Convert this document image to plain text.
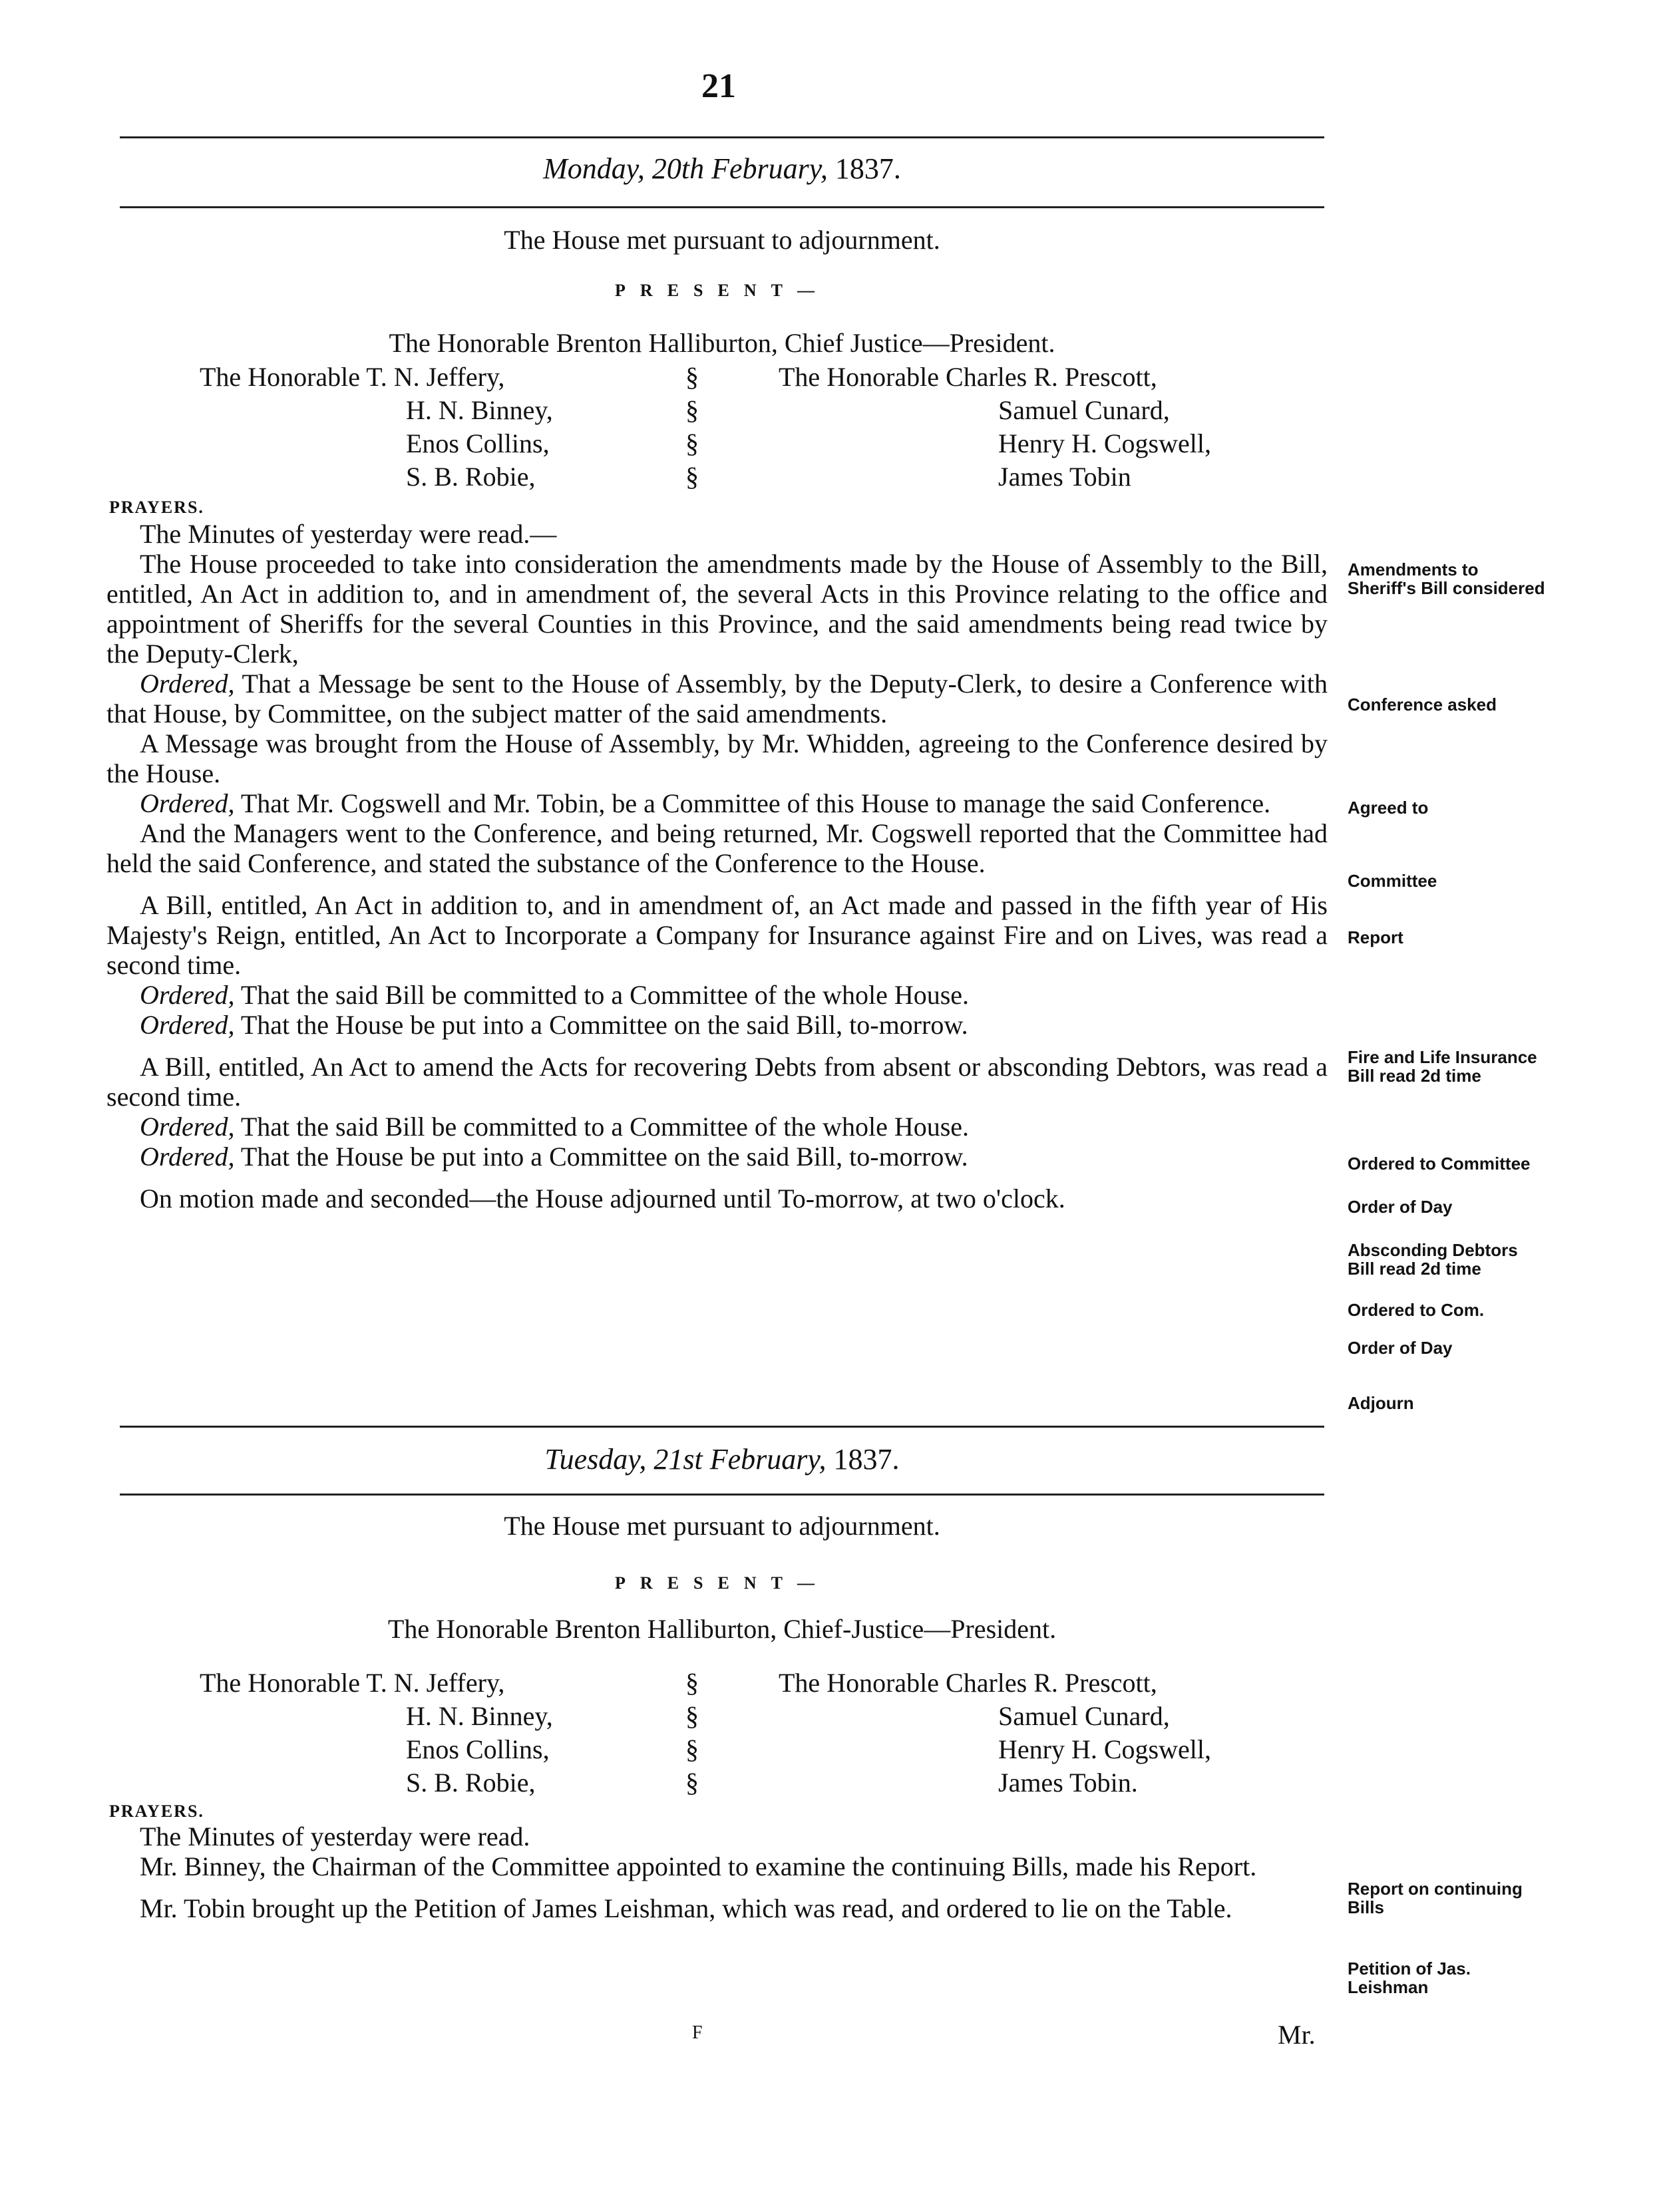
21
Monday, 20th February, 1837.
The House met pursuant to adjournment.
PRESENT—
The Honorable Brenton Halliburton, Chief Justice—President.
The Honorable T. N. Jeffery,
H. N. Binney,
Enos Collins,
S. B. Robie,
§
§
§
§
The Honorable Charles R. Prescott,
Samuel Cunard,
Henry H. Cogswell,
James Tobin
PRAYERS.

The Minutes of yesterday were read.—

The House proceeded to take into consideration the amendments made by the House of Assembly to the Bill, entitled, An Act in addition to, and in amendment of, the several Acts in this Province relating to the office and appointment of Sheriffs for the several Counties in this Province, and the said amendments being read twice by the Deputy-Clerk,

Ordered, That a Message be sent to the House of Assembly, by the Deputy-Clerk, to desire a Conference with that House, by Committee, on the subject matter of the said amendments.

A Message was brought from the House of Assembly, by Mr. Whidden, agreeing to the Conference desired by the House.

Ordered, That Mr. Cogswell and Mr. Tobin, be a Committee of this House to manage the said Conference.

And the Managers went to the Conference, and being returned, Mr. Cogswell reported that the Committee had held the said Conference, and stated the substance of the Conference to the House.

A Bill, entitled, An Act in addition to, and in amendment of, an Act made and passed in the fifth year of His Majesty's Reign, entitled, An Act to Incorporate a Company for Insurance against Fire and on Lives, was read a second time.

Ordered, That the said Bill be committed to a Committee of the whole House.

Ordered, That the House be put into a Committee on the said Bill, to-morrow.

A Bill, entitled, An Act to amend the Acts for recovering Debts from absent or absconding Debtors, was read a second time.

Ordered, That the said Bill be committed to a Committee of the whole House.

Ordered, That the House be put into a Committee on the said Bill, to-morrow.

On motion made and seconded—the House adjourned until To-morrow, at two o'clock.

Amendments to Sheriff's Bill considered
Conference asked
Agreed to
Committee
Report
Fire and Life Insurance Bill read 2d time
Ordered to Committee
Order of Day
Absconding Debtors Bill read 2d time
Ordered to Com.
Order of Day
Adjourn
Tuesday, 21st February, 1837.
The House met pursuant to adjournment.
PRESENT—
The Honorable Brenton Halliburton, Chief-Justice—President.
The Honorable T. N. Jeffery,
H. N. Binney,
Enos Collins,
S. B. Robie,
§
§
§
§
The Honorable Charles R. Prescott,
Samuel Cunard,
Henry H. Cogswell,
James Tobin.
PRAYERS.

The Minutes of yesterday were read.

Mr. Binney, the Chairman of the Committee appointed to examine the continuing Bills, made his Report.

Mr. Tobin brought up the Petition of James Leishman, which was read, and ordered to lie on the Table.

Report on continuing Bills
Petition of Jas. Leishman
F	Mr.
